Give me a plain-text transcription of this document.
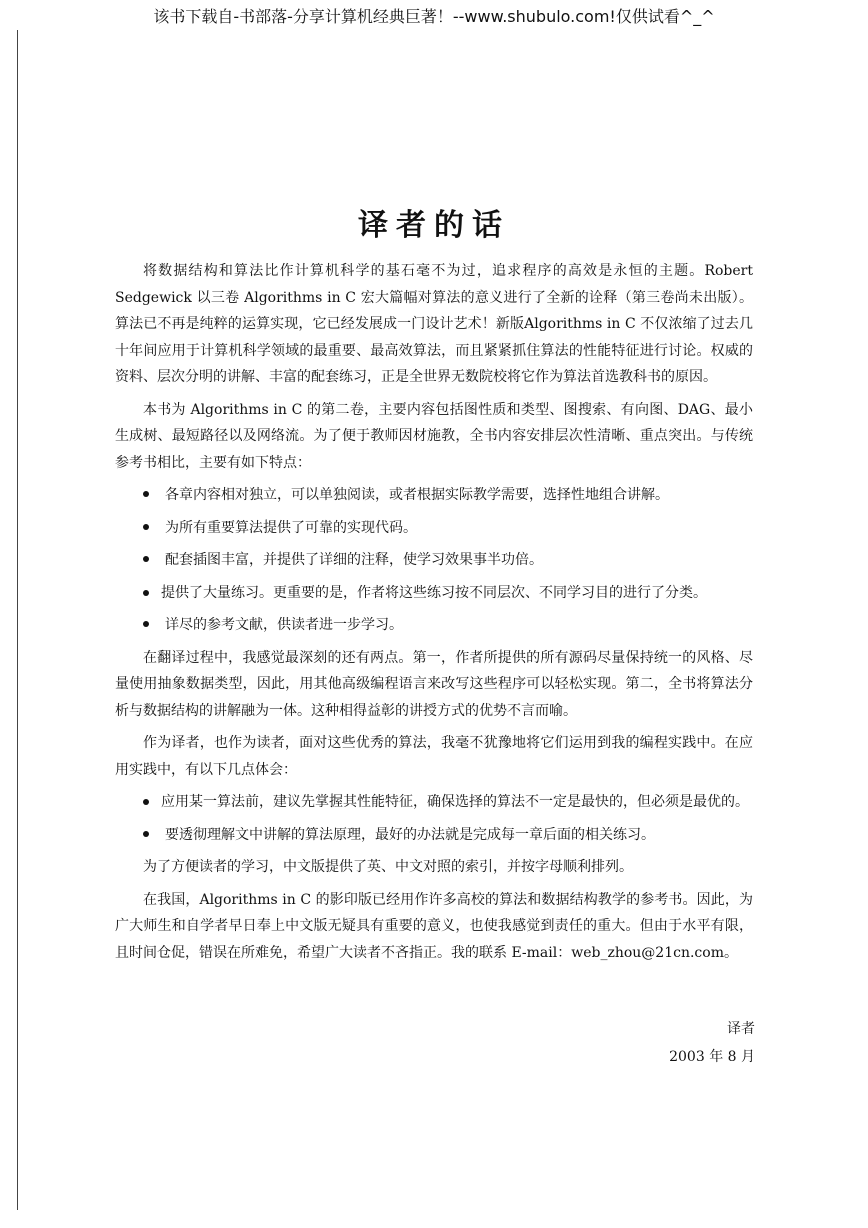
该书下载自-书部落-分享计算机经典巨著！--www.shubulo.com!仅供试看^_^
译者的话

将数据结构和算法比作计算机科学的基石毫不为过，追求程序的高效是永恒的主题。Robert Sedgewick 以三卷 Algorithms in C 宏大篇幅对算法的意义进行了全新的诠释（第三卷尚未出版）。算法已不再是纯粹的运算实现，它已经发展成一门设计艺术！新版Algorithms in C 不仅浓缩了过去几十年间应用于计算机科学领域的最重要、最高效算法，而且紧紧抓住算法的性能特征进行讨论。权威的资料、层次分明的讲解、丰富的配套练习，正是全世界无数院校将它作为算法首选教科书的原因。

本书为 Algorithms in C 的第二卷，主要内容包括图性质和类型、图搜索、有向图、DAG、最小生成树、最短路径以及网络流。为了便于教师因材施教，全书内容安排层次性清晰、重点突出。与传统参考书相比，主要有如下特点：

各章内容相对独立，可以单独阅读，或者根据实际教学需要，选择性地组合讲解。

为所有重要算法提供了可靠的实现代码。

配套插图丰富，并提供了详细的注释，使学习效果事半功倍。

提供了大量练习。更重要的是，作者将这些练习按不同层次、不同学习目的进行了分类。

详尽的参考文献，供读者进一步学习。

在翻译过程中，我感觉最深刻的还有两点。第一，作者所提供的所有源码尽量保持统一的风格、尽量使用抽象数据类型，因此，用其他高级编程语言来改写这些程序可以轻松实现。第二，全书将算法分析与数据结构的讲解融为一体。这种相得益彰的讲授方式的优势不言而喻。

作为译者，也作为读者，面对这些优秀的算法，我毫不犹豫地将它们运用到我的编程实践中。在应用实践中，有以下几点体会：

应用某一算法前，建议先掌握其性能特征，确保选择的算法不一定是最快的，但必须是最优的。

要透彻理解文中讲解的算法原理，最好的办法就是完成每一章后面的相关练习。

为了方便读者的学习，中文版提供了英、中文对照的索引，并按字母顺利排列。

在我国，Algorithms in C 的影印版已经用作许多高校的算法和数据结构教学的参考书。因此，为广大师生和自学者早日奉上中文版无疑具有重要的意义，也使我感觉到责任的重大。但由于水平有限，且时间仓促，错误在所难免，希望广大读者不吝指正。我的联系 E-mail：web_zhou@21cn.com。

译者
2003 年 8 月
